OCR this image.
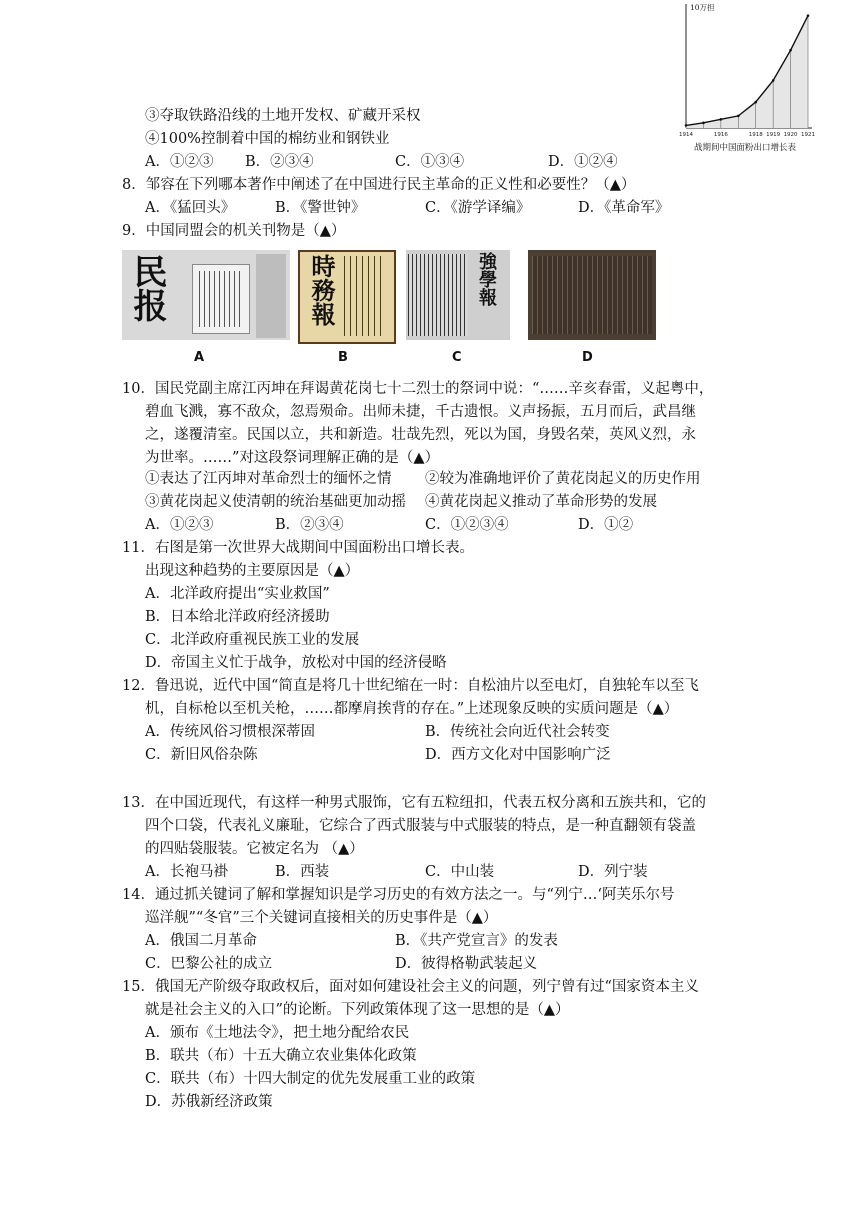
1914	1916	1918 1919 1920 1921
10万担
战期间中国面粉出口增长表
③夺取铁路沿线的土地开发权、矿藏开采权
④100%控制着中国的棉纺业和钢铁业
A．①②③ B．②③④	C．①③④	D．①②④
8．邹容在下列哪本著作中阐述了在中国进行民主革命的正义性和必要性？（▲）
A．《猛回头》	B．《警世钟》	C．《游学译编》	D．《革命军》
9．中国同盟会的机关刊物是（▲）
民报	時務報	強學報
A	B	C	D
10．国民党副主席江丙坤在拜谒黄花岗七十二烈士的祭词中说：“……辛亥春雷，义起粤中，
碧血飞溅，寡不敌众，忽焉殒命。出师未捷，千古遗恨。义声扬振，五月而后，武昌继
之，遂覆清室。民国以立，共和新造。壮哉先烈，死以为国，身毁名荣，英风义烈，永
为世率。……”对这段祭词理解正确的是（▲）
①表达了江丙坤对革命烈士的缅怀之情 ②较为准确地评价了黄花岗起义的历史作用
③黄花岗起义使清朝的统治基础更加动摇 ④黄花岗起义推动了革命形势的发展
A．①②③	B．②③④	C．①②③④	D．①②
11．右图是第一次世界大战期间中国面粉出口增长表。
出现这种趋势的主要原因是（▲）
A．北洋政府提出“实业救国”
B．日本给北洋政府经济援助
C．北洋政府重视民族工业的发展
D．帝国主义忙于战争，放松对中国的经济侵略
12．鲁迅说，近代中国“简直是将几十世纪缩在一时：自松油片以至电灯，自独轮车以至飞
机，自标枪以至机关枪，……都摩肩挨背的存在。”上述现象反映的实质问题是（▲）
A．传统风俗习惯根深蒂固	B．传统社会向近代社会转变
C．新旧风俗杂陈	D．西方文化对中国影响广泛
13．在中国近现代，有这样一种男式服饰，它有五粒纽扣，代表五权分离和五族共和，它的
四个口袋，代表礼义廉耻，它综合了西式服装与中式服装的特点，是一种直翻领有袋盖
的四贴袋服装。它被定名为 （▲）
A．长袍马褂	B．西装	C．中山装	D．列宁装
14．通过抓关键词了解和掌握知识是学习历史的有效方法之一。与“列宁…‘阿芙乐尔号
巡洋舰”“冬官”三个关键词直接相关的历史事件是（▲）
A．俄国二月革命	B．《共产党宣言》的发表
C．巴黎公社的成立	D．彼得格勒武装起义
15．俄国无产阶级夺取政权后，面对如何建设社会主义的问题，列宁曾有过“国家资本主义
就是社会主义的入口”的论断。下列政策体现了这一思想的是（▲）
A．颁布《土地法令》，把土地分配给农民
B．联共（布）十五大确立农业集体化政策
C．联共（布）十四大制定的优先发展重工业的政策
D．苏俄新经济政策
